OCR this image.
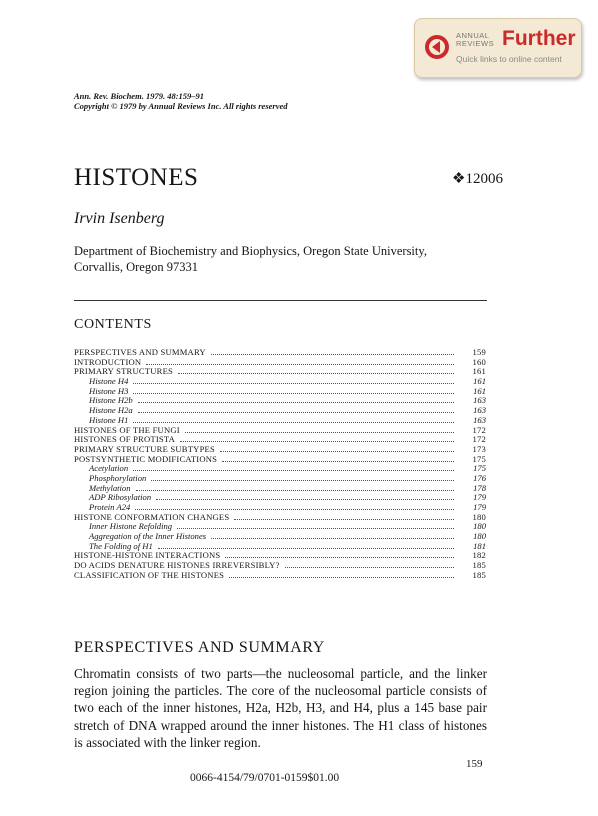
ANNUAL
REVIEWS Further
Quick links to online content
Ann. Rev. Biochem. 1979. 48:159–91
Copyright © 1979 by Annual Reviews Inc. All rights reserved
HISTONES	❖12006
Irvin Isenberg
Department of Biochemistry and Biophysics, Oregon State University,
Corvallis, Oregon 97331
CONTENTS
PERSPECTIVES AND SUMMARY	159
INTRODUCTION	160
PRIMARY STRUCTURES	161
Histone H4	161
Histone H3	161
Histone H2b	163
Histone H2a	163
Histone H1	163
HISTONES OF THE FUNGI	172
HISTONES OF PROTISTA	172
PRIMARY STRUCTURE SUBTYPES	173
POSTSYNTHETIC MODIFICATIONS	175
Acetylation	175
Phosphorylation	176
Methylation	178
ADP Ribosylation	179
Protein A24	179
HISTONE CONFORMATION CHANGES	180
Inner Histone Refolding	180
Aggregation of the Inner Histones	180
The Folding of H1	181
HISTONE-HISTONE INTERACTIONS	182
DO ACIDS DENATURE HISTONES IRREVERSIBLY?	185
CLASSIFICATION OF THE HISTONES	185
PERSPECTIVES AND SUMMARY
Chromatin consists of two parts—the nucleosomal particle, and the linker region joining the particles. The core of the nucleosomal particle consists of two each of the inner histones, H2a, H2b, H3, and H4, plus a 145 base pair stretch of DNA wrapped around the inner histones. The H1 class of histones is associated with the linker region.
159
0066-4154/79/0701-0159$01.00
